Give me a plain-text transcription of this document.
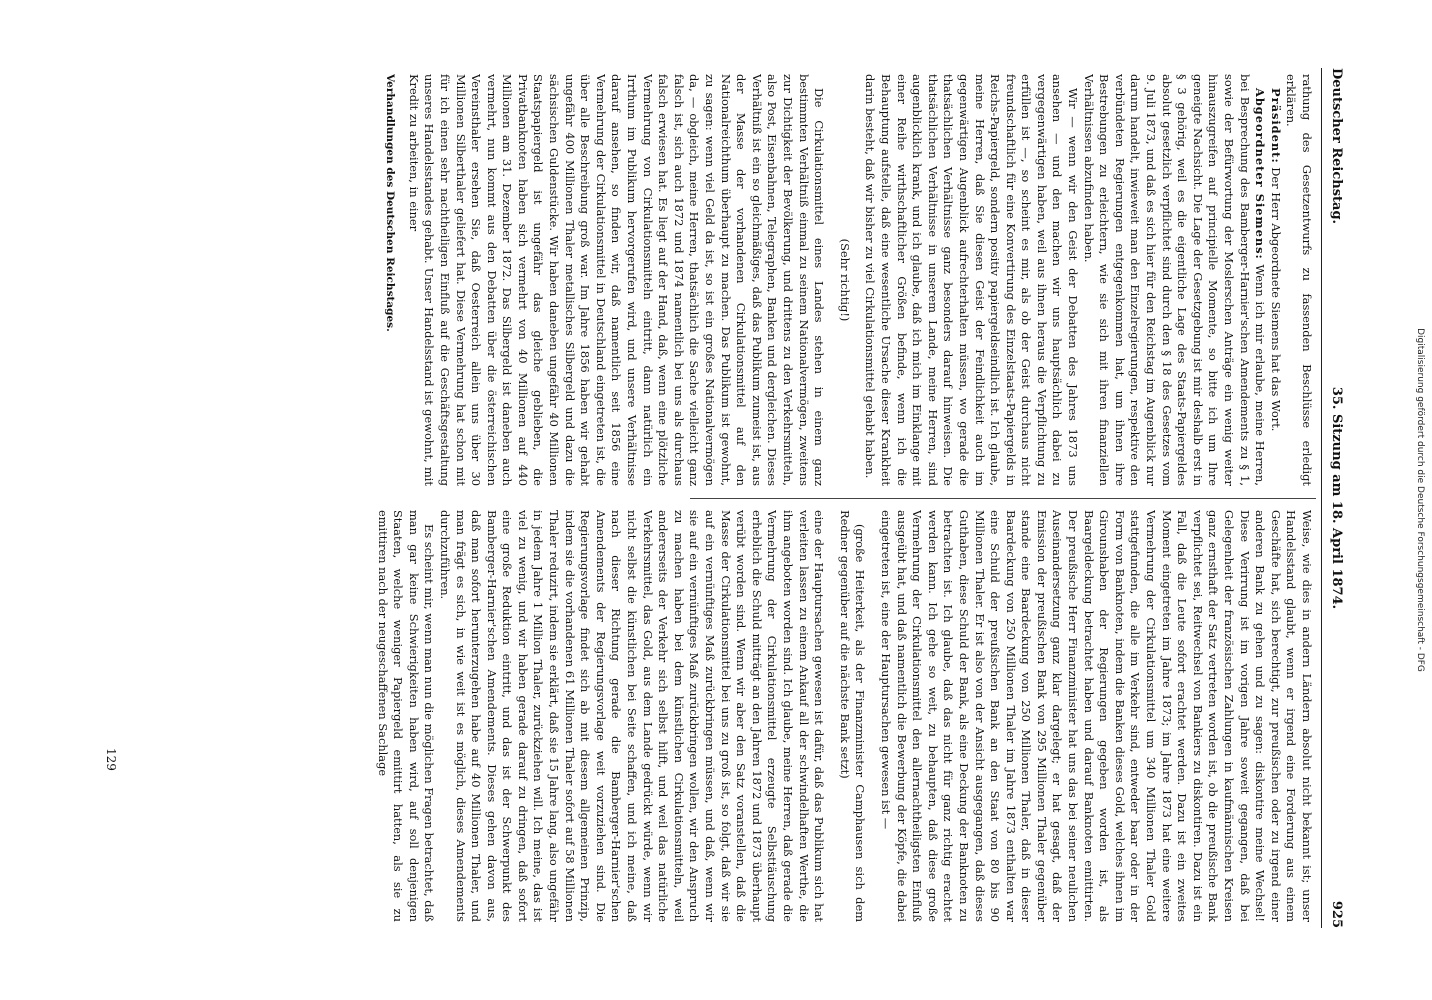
Deutscher Reichstag.
35. Sitzung am 18. April 1874.
925

rathung des Gesetzentwurfs zu fassenden Beschlüsse erledigt erklären.

Präsident: Der Herr Abgeordnete Siemens hat das Wort.

Abgeordneter Siemens: Wenn ich mir erlaube, meine Herren, bei Besprechung des Bamberger-Harnier'schen Amendements zu § 1, sowie der Befürwortung der Moslerschen Anträge ein wenig weiter hinauszugreifen auf principielle Momente, so bitte ich um Ihre geneigte Nachsicht. Die Lage der Gesetzgebung ist mir deshalb erst in § 3 gehörig, weil es die eigentliche Lage des Staats-Papiergeldes absolut gesetzlich verpflichtet sind durch den § 18 des Gesetzes vom 9. Juli 1873, und daß es sich hier für den Reichstag im Augenblick nur darum handelt, inwieweit man den Einzelregierungen, respektive den verbündeten Regierungen entgegenkommen hat, um ihnen ihre Bestrebungen zu erleichtern, wie sie sich mit ihren finanziellen Verhältnissen abzufinden haben.

Wir — wenn wir den Geist der Debatten des Jahres 1873 uns ansehen — und den machen wir uns hauptsächlich dabei zu vergegenwärtigen haben, weil aus ihnen heraus die Verpflichtung zu erfüllen ist —, so scheint es mir, als ob der Geist durchaus nicht freundschaftlich für eine Konvertirung des Einzelstaats-Papiergelds in Reichs-Papiergeld, sondern positiv papiergeldseindlich ist. Ich glaube, meine Herren, daß Sie diesen Geist der Feindlichkeit auch im gegenwärtigen Augenblick aufrechterhalten müssen, wo gerade die thatsächlichen Verhältnisse ganz besonders darauf hinweisen. Die thatsächlichen Verhältnisse in unserem Lande, meine Herren, sind augenblicklich krank, und ich glaube, daß ich mich im Einklange mit einer Reihe wirthschaftlicher Größen befinde, wenn ich die Behauptung aufstelle, daß eine wesentliche Ursache dieser Krankheit darin besteht, daß wir bisher zu viel Cirkulationsmittel gehabt haben.

(Sehr richtig!)

Die Cirkulationsmittel eines Landes stehen in einem ganz bestimmten Verhältniß einmal zu seinem Nationalvermögen, zweitens zur Dichtigkeit der Bevölkerung, und drittens zu den Verkehrsmitteln, also Post, Eisenbahnen, Telegraphen, Banken und dergleichen. Dieses Verhältniß ist ein so gleichmäßiges, daß das Publikum zumeist ist, aus der Masse der vorhandenen Cirkulationsmittel auf den Nationalreichthum überhaupt zu machen. Das Publikum ist gewohnt, zu sagen: wenn viel Geld da ist, so ist ein großes Nationalvermögen da, — obgleich, meine Herren, thatsächlich die Sache vielleicht ganz falsch ist, sich auch 1872 und 1874 namentlich bei uns als durchaus falsch erwiesen hat. Es liegt auf der Hand, daß, wenn eine plötzliche Vermehrung von Cirkulationsmitteln eintritt, dann natürlich ein Irrthum im Publikum hervorgerufen wird, und unsere Verhältnisse darauf ansehen, so finden wir, daß namentlich seit 1856 eine Vermehrung der Cirkulationsmittel in Deutschland eingetreten ist, die über alle Beschreibung groß war. Im Jahre 1856 haben wir gehabt ungefähr 400 Millionen Thaler metallisches Silbergeld und dazu die sächsischen Guldenstücke. Wir haben daneben ungefähr 40 Millionen Staatspapiergeld ist ungefähr das gleiche geblieben, die Privatbanknoten haben sich vermehrt von 40 Millionen auf 440 Millionen am 31. Dezember 1872. Das Silbergeld ist daneben auch vermehrt, nun kommt aus den Debatten über die österreichischen Vereinsthaler ersehen Sie, daß Oesterreich allein uns über 30 Millionen Silberthaler geliefert hat. Diese Vermehrung hat schon mit für ich einen sehr nachtheiligen Einfluß auf die Geschäftsgestaltung unseres Handelsstandes gehabt. Unser Handelsstand ist gewohnt, mit Kredit zu arbeiten, in einer

Verhandlungen des Deutschen Reichstages.

Weise, wie dies in andern Ländern absolut nicht bekannt ist; unser Handelsstand glaubt, wenn er irgend eine Forderung aus einem Geschäfte hat, sich berechtigt, zur preußischen oder zu irgend einer anderen Bank zu gehen und zu sagen: diskontire meine Wechsel! Diese Verirrung ist im vorigen Jahre soweit gegangen, daß bei Gelegenheit der französischen Zahlungen in kaufmännischen Kreisen ganz ernsthaft der Satz vertreten worden ist, ob die preußische Bank verpflichtet sei, Reitwechsel von Bankiers zu diskontiren. Dazu ist ein Fall, daß die Leute sofort erachtet werden. Dazu ist ein zweites Moment eingetreten im Jahre 1873; im Jahre 1873 hat eine weitere Vermehrung der Cirkulationsmittel um 340 Millionen Thaler Gold stattgefunden, die alle im Verkehr sind, entweder baar oder in der Form von Banknoten, indem die Banken dieses Gold, welches ihnen im Girounshaben der Regierungen gegeben worden ist, als Baargeldeckung betrachtet haben und darauf Banknoten emittirten. Der preußische Herr Finanzminister hat uns das bei seiner neulichen Auseinandersetzung ganz klar dargelegt; er hat gesagt, daß der Emission der preußischen Bank von 295 Millionen Thaler gegenüber stande eine Baardeckung von 250 Millionen Thaler, daß in dieser Baardeckung von 250 Millionen Thaler im Jahre 1873 enthalten war eine Schuld der preußischen Bank an den Staat von 80 bis 90 Millionen Thaler. Er ist also von der Ansicht ausgegangen, daß dieses Guthaben, diese Schuld der Bank, als eine Deckung der Banknoten zu betrachten ist. Ich glaube, daß das nicht für ganz richtig erachtet werden kann. Ich gehe so weit, zu behaupten, daß diese große Vermehrung der Cirkulationsmittel den allernachtheiligsten Einfluß ausgeübt hat, und daß namentlich die Bewerbung der Köpfe, die dabei eingetreten ist, eine der Hauptursachen gewesen ist —

(große Heiterkeit, als der Finanzminister Camphausen sich dem Redner gegenüber auf die nächste Bank setzt)

eine der Hauptursachen gewesen ist dafür, daß das Publikum sich hat verleiten lassen zu einem Ankauf all der schwindelhaften Werthe, die ihm angeboten worden sind. Ich glaube, meine Herren, daß gerade die Vermehrung der Cirkulationsmittel erzeugte Selbsttäuschung erheblich die Schuld mitträgt an den Jahren 1872 und 1873 überhaupt verübt worden sind. Wenn wir aber den Satz voranstellen, daß die Masse der Cirkulationsmittel bei uns zu groß ist, so folgt, daß wir sie auf ein vernünftiges Maß zurückbringen müssen, und daß, wenn wir sie auf ein vernünftiges Maß zurückbringen wollen, wir den Anspruch zu machen haben bei dem künstlichen Cirkulationsmitteln, weil andererseits der Verkehr sich selbst hilft, und weil das natürliche Verkehrsmittel, das Gold, aus dem Lande gedrückt würde, wenn wir nicht selbst die künstlichen bei Seite schaffen, und ich meine, daß nach dieser Richtung gerade die Bamberger-Harnier'schen Amendements der Regierungsvorlage weit vorzuziehen sind. Die Regierungsvorlage findet sich ab mit diesem allgemeinen Prinzip, indem sie die vorhandenen 61 Millionen Thaler sofort auf 58 Millionen Thaler reduzirt, indem sie erklärt, daß sie 15 Jahre lang, also ungefähr in jedem Jahre 1 Million Thaler, zurückziehen will. Ich meine, das ist viel zu wenig, und wir haben gerade darauf zu dringen, daß sofort eine große Reduktion eintritt, und das ist der Schwerpunkt des Bamberger-Harnier'schen Amendements. Dieses gehen davon aus, daß man sofort herunterzugehen habe auf 40 Millionen Thaler, und man frägt es sich, in wie weit ist es möglich, dieses Amendements durchzuführen.

Es scheint mir, wenn man nun die möglichen Fragen betrachtet, daß man gar keine Schwierigkeiten haben wird, auf soll denjenigen Staaten, welche weniger Papiergeld emittirt hatten, als sie zu emittiren nach der neugeschaffenen Sachlage

129
Digitalisierung gefördert durch die Deutsche Forschungsgemeinschaft - DFG
